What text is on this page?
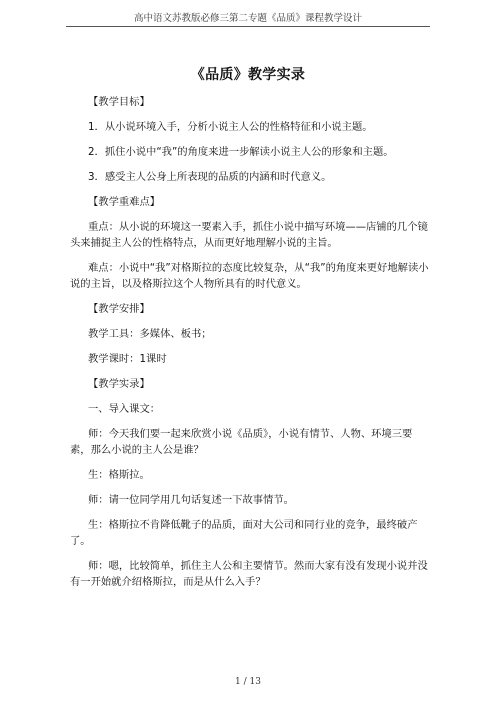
高中语文苏教版必修三第二专题《品质》课程教学设计
《品质》教学实录

【教学目标】

1．从小说环境入手，分析小说主人公的性格特征和小说主题。

2．抓住小说中“我”的角度来进一步解读小说主人公的形象和主题。

3．感受主人公身上所表现的品质的内涵和时代意义。

【教学重难点】

重点：从小说的环境这一要素入手，抓住小说中描写环境——店铺的几个镜头来捕捉主人公的性格特点，从而更好地理解小说的主旨。

难点：小说中“我”对格斯拉的态度比较复杂，从“我”的角度来更好地解读小说的主旨，以及格斯拉这个人物所具有的时代意义。

【教学安排】

教学工具：多媒体、板书；

教学课时：1课时

【教学实录】

一、导入课文：

师：今天我们要一起来欣赏小说《品质》，小说有情节、人物、环境三要素，那么小说的主人公是谁？

生：格斯拉。

师：请一位同学用几句话复述一下故事情节。

生：格斯拉不肯降低靴子的品质，面对大公司和同行业的竞争，最终破产了。

师：嗯，比较简单，抓住主人公和主要情节。然而大家有没有发现小说并没有一开始就介绍格斯拉，而是从什么入手？

1 / 13
